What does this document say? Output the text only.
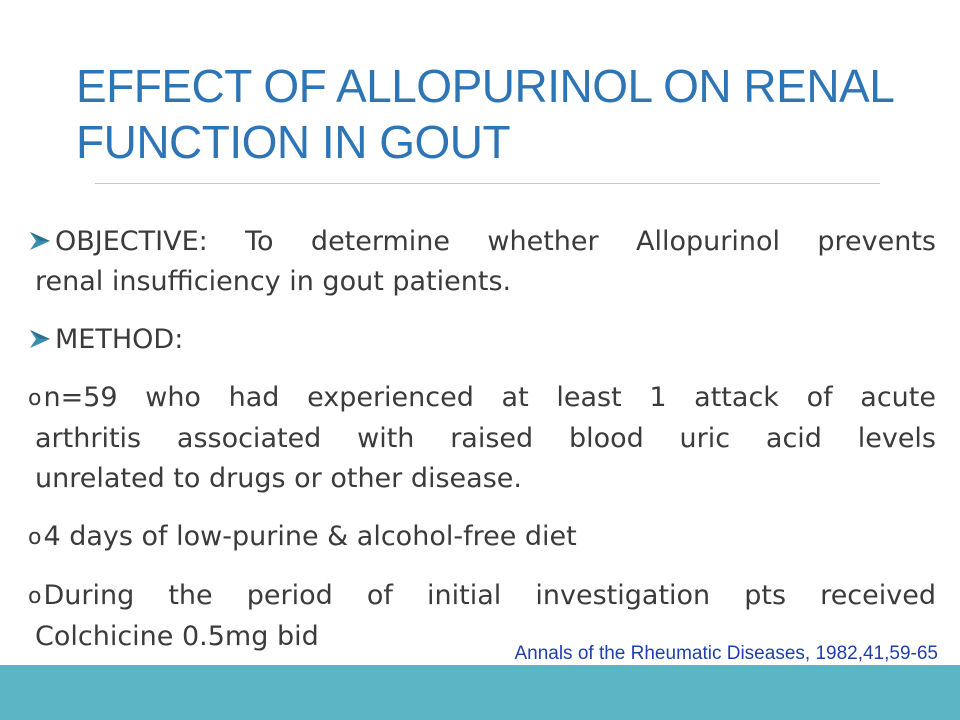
EFFECT OF ALLOPURINOL ON RENAL
FUNCTION IN GOUT
OBJECTIVE: To determine whether Allopurinol prevents
renal insufficiency in gout patients.
METHOD:
on=59 who had experienced at least 1 attack of acute
arthritis associated with raised blood uric acid levels
unrelated to drugs or other disease.
o4 days of low-purine & alcohol-free diet
oDuring the period of initial investigation pts received
Colchicine 0.5mg bid
Annals of the Rheumatic Diseases, 1982,41,59-65
